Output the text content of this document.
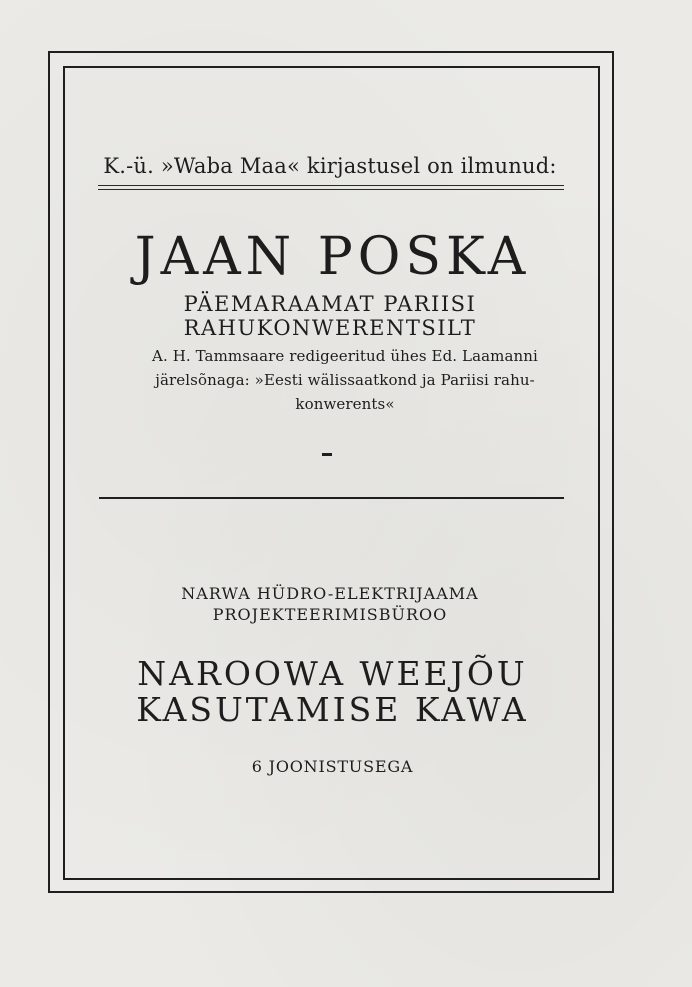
K.-ü. »Waba Maa« kirjastusel on ilmunud:
JAAN POSKA
PÄEMARAAMAT PARIISI
RAHUKONWERENTSILT
A. H. Tammsaare redigeeritud ühes Ed. Laamanni
järelsõnaga: »Eesti wälissaatkond ja Pariisi rahu-
konwerents«
NARWA HÜDRO-ELEKTRIJAAMA
PROJEKTEERIMISBÜROO
NAROOWA WEEJÕU
KASUTAMISE KAWA
6 JOONISTUSEGA
